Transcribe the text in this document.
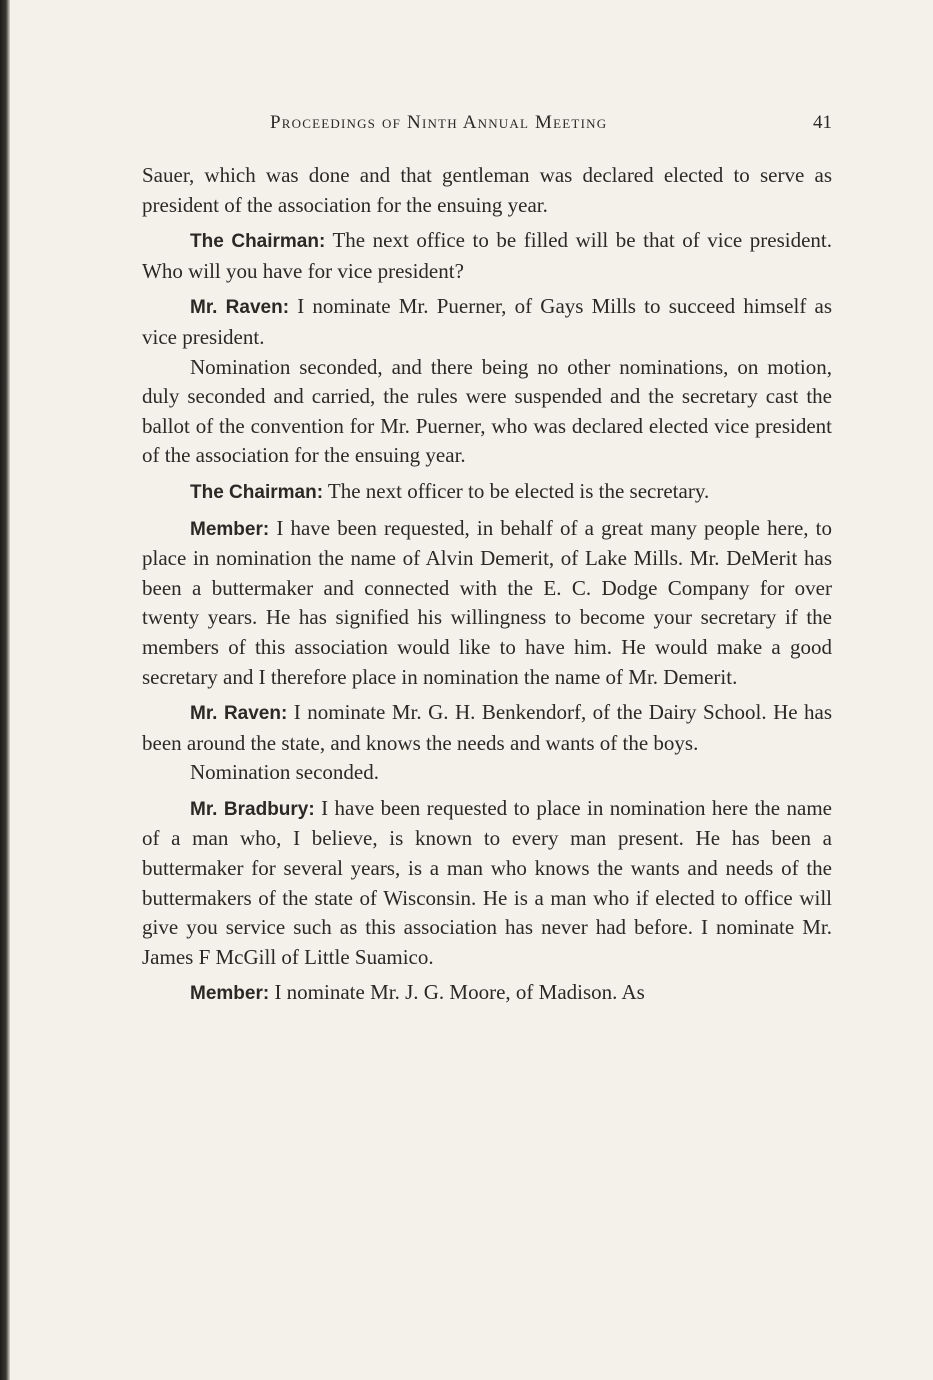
Proceedings of Ninth Annual Meeting	41

Sauer, which was done and that gentleman was declared elected to serve as president of the association for the ensuing year.

The Chairman: The next office to be filled will be that of vice president. Who will you have for vice president?

Mr. Raven: I nominate Mr. Puerner, of Gays Mills to succeed himself as vice president.

Nomination seconded, and there being no other nominations, on motion, duly seconded and carried, the rules were suspended and the secretary cast the ballot of the convention for Mr. Puerner, who was declared elected vice president of the association for the ensuing year.

The Chairman: The next officer to be elected is the secretary.

Member: I have been requested, in behalf of a great many people here, to place in nomination the name of Alvin Demerit, of Lake Mills. Mr. DeMerit has been a buttermaker and connected with the E. C. Dodge Company for over twenty years. He has signified his willingness to become your secretary if the members of this association would like to have him. He would make a good secretary and I therefore place in nomination the name of Mr. Demerit.

Mr. Raven: I nominate Mr. G. H. Benkendorf, of the Dairy School. He has been around the state, and knows the needs and wants of the boys.

Nomination seconded.

Mr. Bradbury: I have been requested to place in nomination here the name of a man who, I believe, is known to every man present. He has been a buttermaker for several years, is a man who knows the wants and needs of the buttermakers of the state of Wisconsin. He is a man who if elected to office will give you service such as this association has never had before. I nominate Mr. James F McGill of Little Suamico.

Member: I nominate Mr. J. G. Moore, of Madison. As
